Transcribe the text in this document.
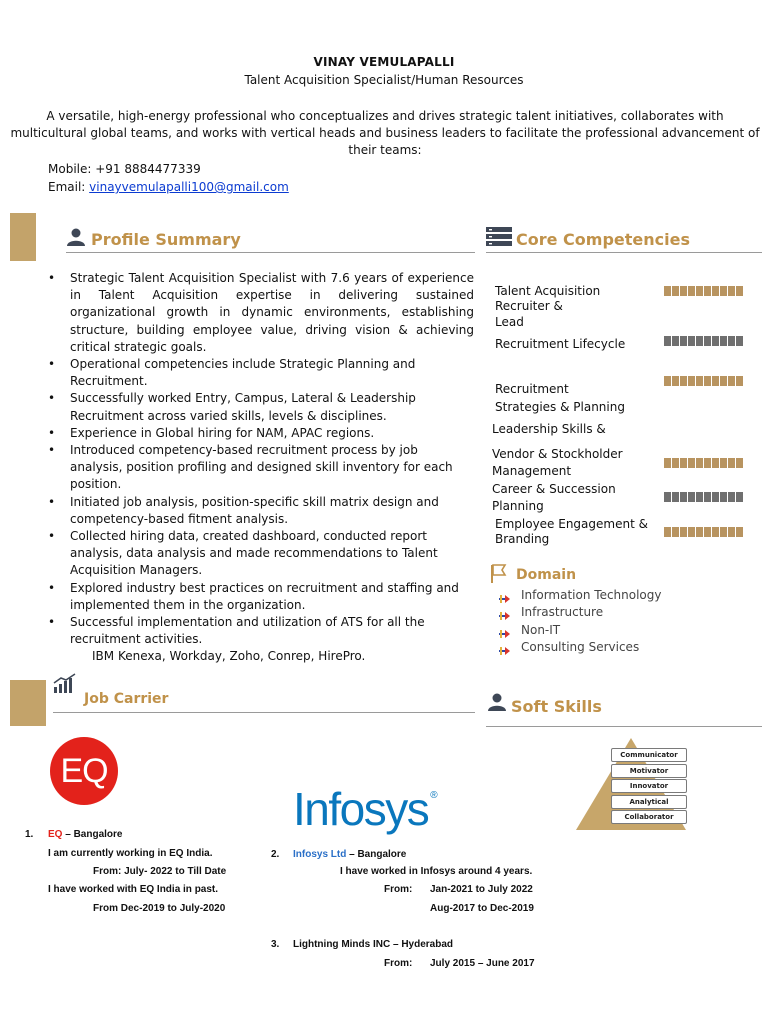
VINAY VEMULAPALLI
Talent Acquisition Specialist/Human Resources
A versatile, high-energy professional who conceptualizes and drives strategic talent initiatives, collaborates with multicultural global teams, and works with vertical heads and business leaders to facilitate the professional advancement of their teams:
Mobile: +91 8884477339
Email: vinayvemulapalli100@gmail.com
Profile Summary
• Strategic Talent Acquisition Specialist with 7.6 years of experience in Talent Acquisition expertise in delivering sustained organizational growth in dynamic environments, establishing structure, building employee value, driving vision & achieving critical strategic goals.
• Operational competencies include Strategic Planning and Recruitment.
• Successfully worked Entry, Campus, Lateral & Leadership Recruitment across varied skills, levels & disciplines.
• Experience in Global hiring for NAM, APAC regions.
• Introduced competency-based recruitment process by job analysis, position profiling and designed skill inventory for each position.
• Initiated job analysis, position-specific skill matrix design and competency-based fitment analysis.
• Collected hiring data, created dashboard, conducted report analysis, data analysis and made recommendations to Talent Acquisition Managers.
• Explored industry best practices on recruitment and staffing and implemented them in the organization.
• Successful implementation and utilization of ATS for all the recruitment activities.
IBM Kenexa, Workday, Zoho, Conrep, HirePro.
Core Competencies
Talent Acquisition
Recruiter &
Lead
Recruitment Lifecycle
Recruitment
Strategies & Planning
Leadership Skills &
Vendor & Stockholder
Management
Career & Succession
Planning
Employee Engagement &
Branding
Domain
Information Technology
Infrastructure
Non-IT
Consulting Services
Soft Skills
Communicator
Motivator
Innovator
Analytical
Collaborator
Job Carrier
EQ
Infosys ®
1. EQ – Bangalore
I am currently working in EQ India.
From: July- 2022 to Till Date
I have worked with EQ India in past.
From Dec-2019 to July-2020
2. Infosys Ltd – Bangalore
I have worked in Infosys around 4 years.
From: Jan-2021 to July 2022
Aug-2017 to Dec-2019
3. Lightning Minds INC – Hyderabad
From: July 2015 – June 2017
